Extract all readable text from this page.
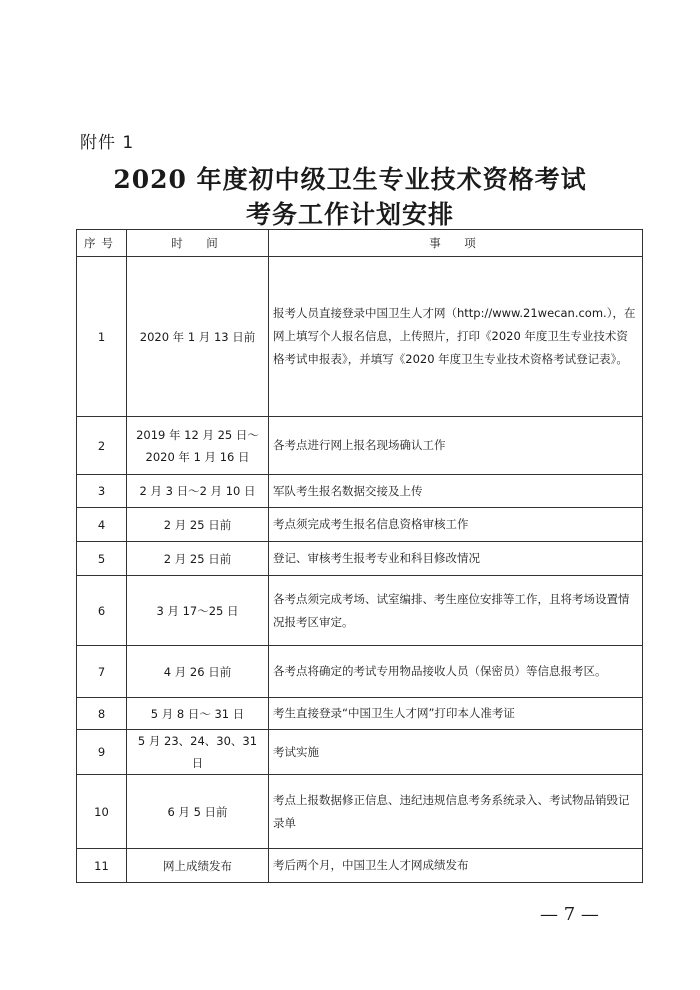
附件 1
2020 年度初中级卫生专业技术资格考试
考务工作计划安排
序号	时　间	事　项
1	2020 年 1 月 13 日前	报考人员直接登录中国卫生人才网（http://www.21wecan.com.），在网上填写个人报名信息，上传照片，打印《2020 年度卫生专业技术资格考试申报表》，并填写《2020 年度卫生专业技术资格考试登记表》。
2	2019 年 12 月 25 日～2020 年 1 月 16 日	各考点进行网上报名现场确认工作
3	2 月 3 日～2 月 10 日	军队考生报名数据交接及上传
4	2 月 25 日前	考点须完成考生报名信息资格审核工作
5	2 月 25 日前	登记、审核考生报考专业和科目修改情况
6	3 月 17～25 日	各考点须完成考场、试室编排、考生座位安排等工作，且将考场设置情况报考区审定。
7	4 月 26 日前	各考点将确定的考试专用物品接收人员（保密员）等信息报考区。
8	5 月 8 日～ 31 日	考生直接登录“中国卫生人才网”打印本人准考证
9	5 月 23、24、30、31 日	考试实施
10	6 月 5 日前	考点上报数据修正信息、违纪违规信息考务系统录入、考试物品销毁记录单
11	网上成绩发布	考后两个月，中国卫生人才网成绩发布
— 7 —
